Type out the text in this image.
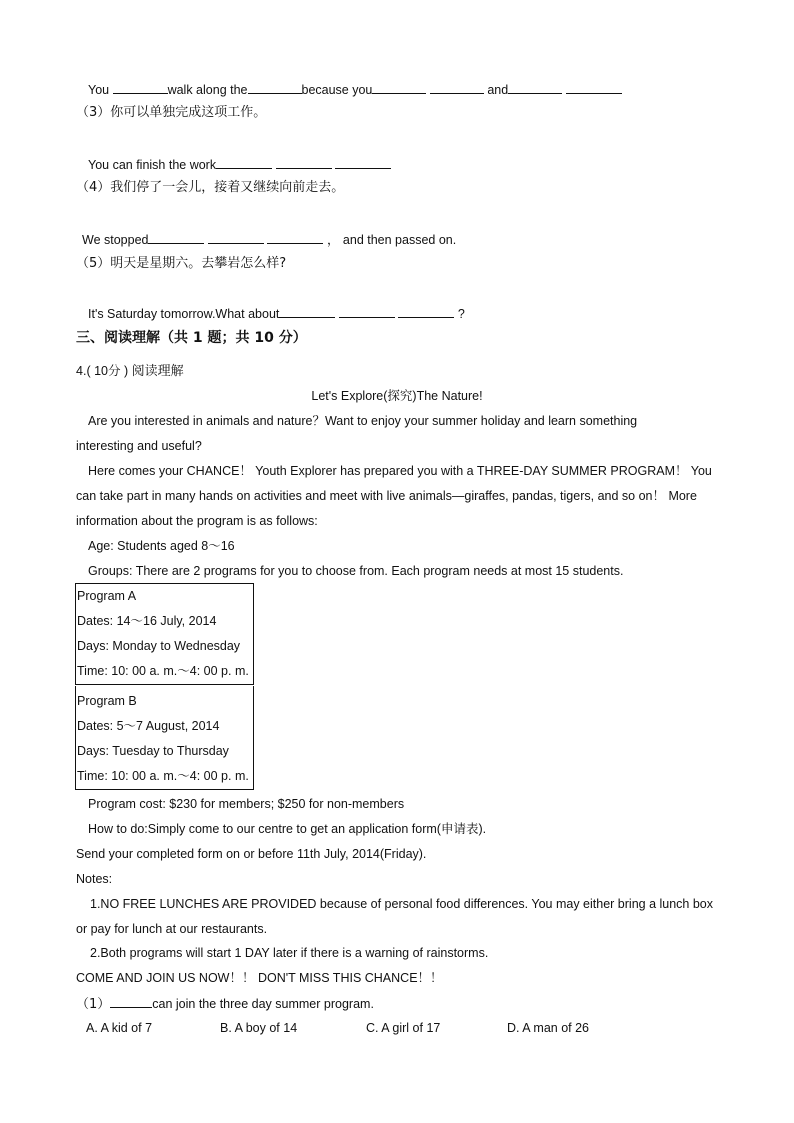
You	walk along the	because you	and
（3）你可以单独完成这项工作。
You can finish the work
（4）我们停了一会儿，接着又继续向前走去。
We stopped	， and then passed on.
（5）明天是星期六。去攀岩怎么样?
It's Saturday tomorrow.What about	?
三、阅读理解（共 1 题；共 10 分）
4.( 10分 ) 阅读理解
Let's Explore(探究)The Nature!
Are you interested in animals and nature？Want to enjoy your summer holiday and learn something
interesting and useful?
Here comes your CHANCE！ Youth Explorer has prepared you with a THREE-DAY SUMMER PROGRAM！ You
can take part in many hands on activities and meet with live animals—giraffes, pandas, tigers, and so on！ More
information about the program is as follows:
Age: Students aged 8～16
Groups: There are 2 programs for you to choose from. Each program needs at most 15 students.
Program A
Dates: 14～16 July, 2014
Days: Monday to Wednesday
Time: 10: 00 a. m.～4: 00 p. m.
Program B
Dates: 5～7 August, 2014
Days: Tuesday to Thursday
Time: 10: 00 a. m.～4: 00 p. m.
Program cost: $230 for members; $250 for non-members
How to do:Simply come to our centre to get an application form(申请表).
Send your completed form on or before 11th July, 2014(Friday).
Notes:
1.NO FREE LUNCHES ARE PROVIDED because of personal food differences. You may either bring a lunch box
or pay for lunch at our restaurants.
2.Both programs will start 1 DAY later if there is a warning of rainstorms.
COME AND JOIN US NOW！！ DON'T MISS THIS CHANCE！！
（1）	can join the three day summer program.
A. A kid of 7	B. A boy of 14	C. A girl of 17	D. A man of 26
